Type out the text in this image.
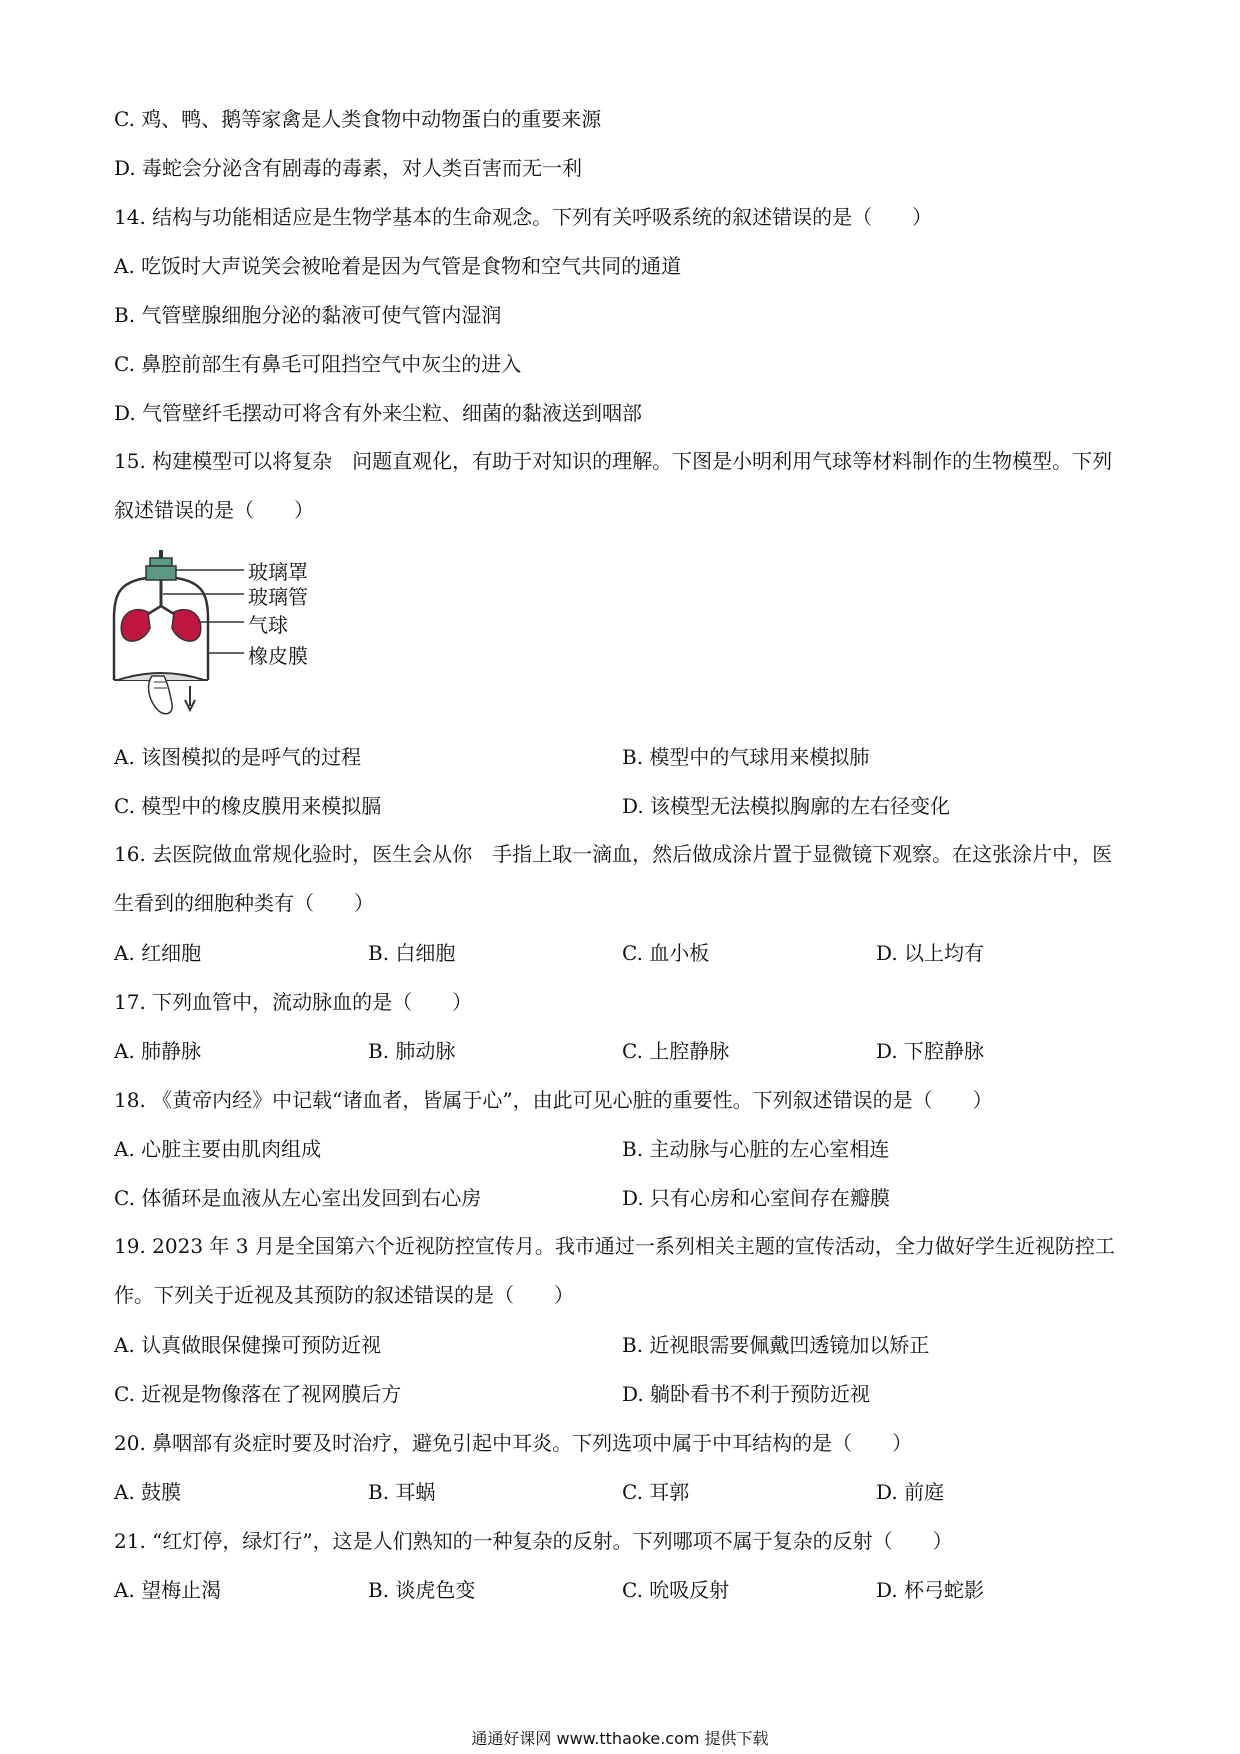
C. 鸡、鸭、鹅等家禽是人类食物中动物蛋白的重要来源
D. 毒蛇会分泌含有剧毒的毒素，对人类百害而无一利
14. 结构与功能相适应是生物学基本的生命观念。下列有关呼吸系统的叙述错误的是（　　）
A. 吃饭时大声说笑会被呛着是因为气管是食物和空气共同的通道
B. 气管壁腺细胞分泌的黏液可使气管内湿润
C. 鼻腔前部生有鼻毛可阻挡空气中灰尘的进入
D. 气管壁纤毛摆动可将含有外来尘粒、细菌的黏液送到咽部
15. 构建模型可以将复杂　问题直观化，有助于对知识的理解。下图是小明利用气球等材料制作的生物模型。下列叙述错误的是（　　）
玻璃罩
玻璃管
气球
橡皮膜
A. 该图模拟的是呼气的过程	B. 模型中的气球用来模拟肺
C. 模型中的橡皮膜用来模拟膈	D. 该模型无法模拟胸廓的左右径变化
16. 去医院做血常规化验时，医生会从你　手指上取一滴血，然后做成涂片置于显微镜下观察。在这张涂片中，医生看到的细胞种类有（　　）
A. 红细胞	B. 白细胞	C. 血小板	D. 以上均有
17. 下列血管中，流动脉血的是（　　）
A. 肺静脉	B. 肺动脉	C. 上腔静脉	D. 下腔静脉
18. 《黄帝内经》中记载“诸血者，皆属于心”，由此可见心脏的重要性。下列叙述错误的是（　　）
A. 心脏主要由肌肉组成	B. 主动脉与心脏的左心室相连
C. 体循环是血液从左心室出发回到右心房	D. 只有心房和心室间存在瓣膜
19. 2023 年 3 月是全国第六个近视防控宣传月。我市通过一系列相关主题的宣传活动，全力做好学生近视防控工作。下列关于近视及其预防的叙述错误的是（　　）
A. 认真做眼保健操可预防近视	B. 近视眼需要佩戴凹透镜加以矫正
C. 近视是物像落在了视网膜后方	D. 躺卧看书不利于预防近视
20. 鼻咽部有炎症时要及时治疗，避免引起中耳炎。下列选项中属于中耳结构的是（　　）
A. 鼓膜	B. 耳蜗	C. 耳郭	D. 前庭
21. “红灯停，绿灯行”，这是人们熟知的一种复杂的反射。下列哪项不属于复杂的反射（　　）
A. 望梅止渴	B. 谈虎色变	C. 吮吸反射	D. 杯弓蛇影
通通好课网 www.tthaoke.com 提供下载
